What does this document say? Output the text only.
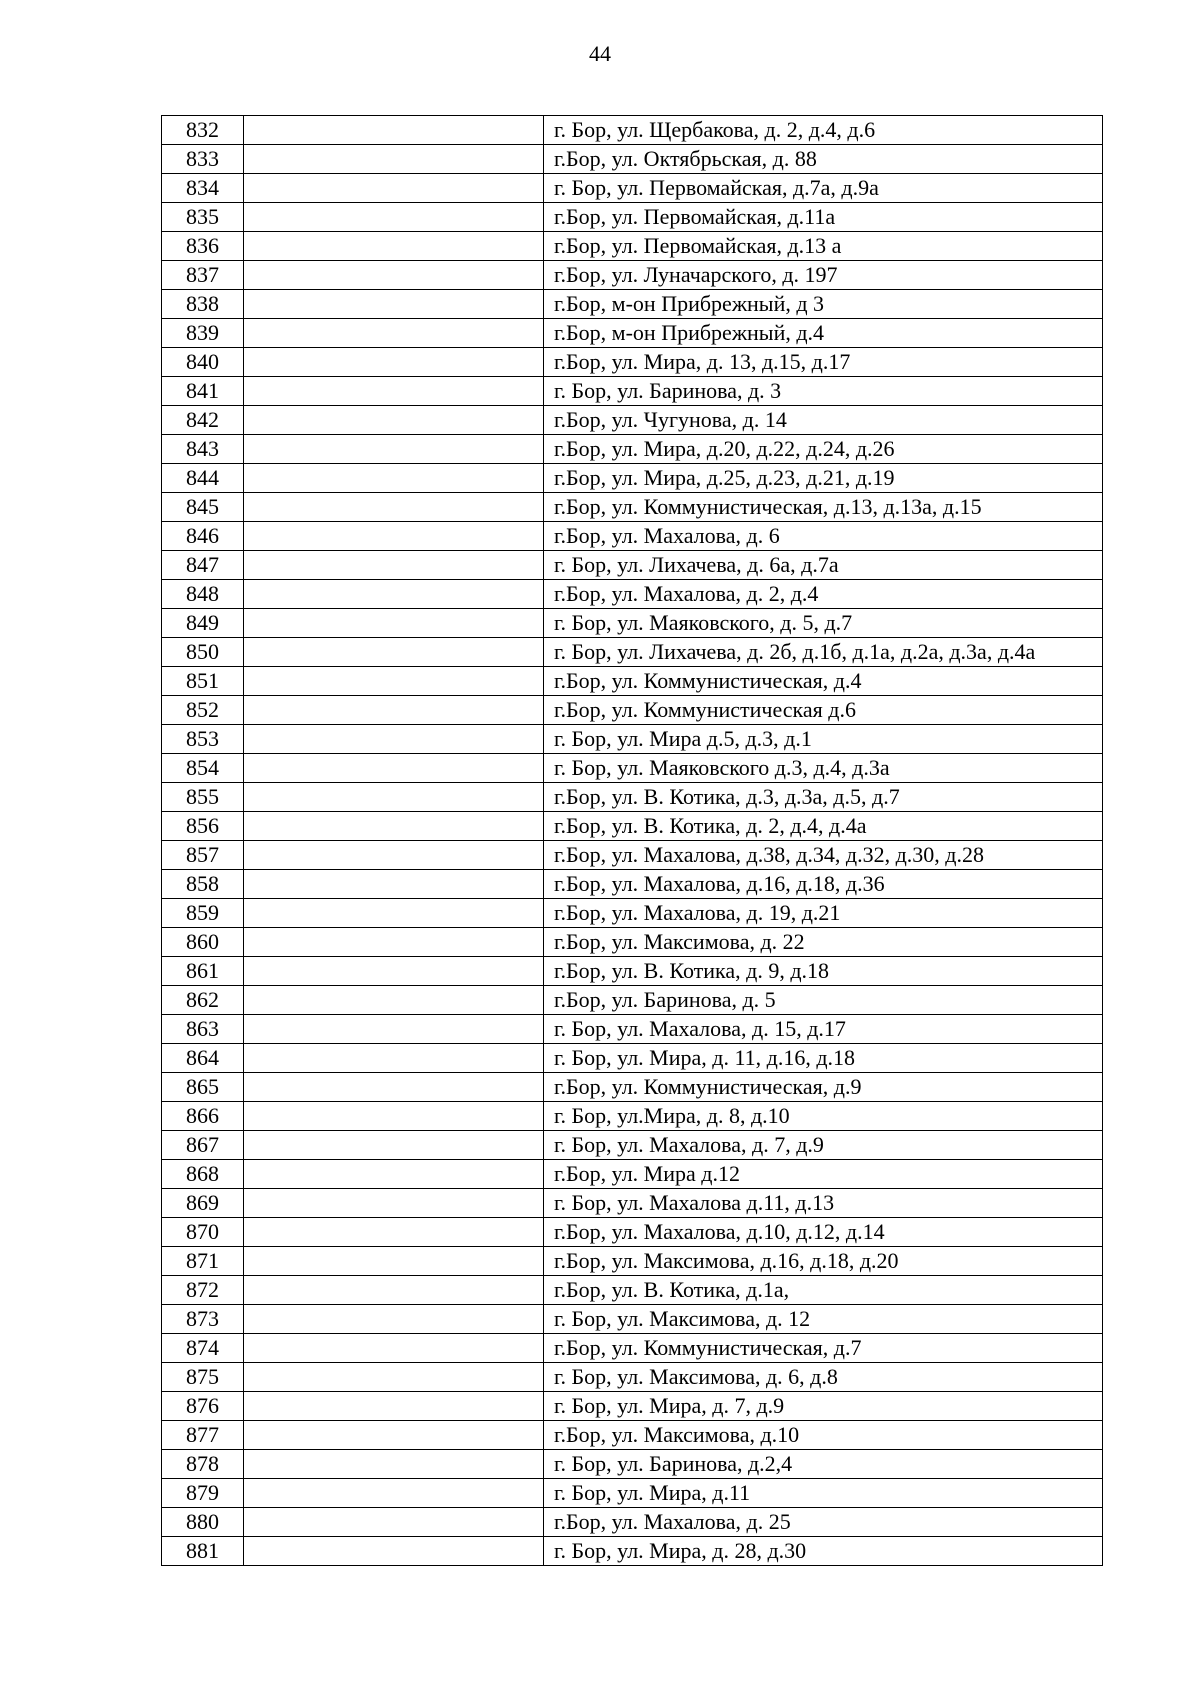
44
832		г. Бор, ул. Щербакова, д. 2, д.4, д.6
833		г.Бор, ул. Октябрьская, д. 88
834		г. Бор, ул. Первомайская, д.7а, д.9а
835		г.Бор, ул. Первомайская, д.11а
836		г.Бор, ул. Первомайская, д.13 а
837		г.Бор, ул. Луначарского, д. 197
838		г.Бор, м-он Прибрежный, д 3
839		г.Бор, м-он Прибрежный, д.4
840		г.Бор, ул. Мира, д. 13, д.15, д.17
841		г. Бор, ул. Баринова, д. 3
842		г.Бор, ул. Чугунова, д. 14
843		г.Бор, ул. Мира, д.20, д.22, д.24, д.26
844		г.Бор, ул. Мира, д.25, д.23, д.21, д.19
845		г.Бор, ул. Коммунистическая, д.13, д.13а, д.15
846		г.Бор, ул. Махалова, д. 6
847		г. Бор, ул. Лихачева, д. 6а, д.7а
848		г.Бор, ул. Махалова, д. 2, д.4
849		г. Бор, ул. Маяковского, д. 5, д.7
850		г. Бор, ул. Лихачева, д. 2б, д.1б, д.1а, д.2а, д.3а, д.4а
851		г.Бор, ул. Коммунистическая, д.4
852		г.Бор, ул. Коммунистическая д.6
853		г. Бор, ул. Мира д.5, д.3, д.1
854		г. Бор, ул. Маяковского д.3, д.4, д.3а
855		г.Бор, ул. В. Котика, д.3, д.3а, д.5, д.7
856		г.Бор, ул. В. Котика, д. 2, д.4, д.4а
857		г.Бор, ул. Махалова, д.38, д.34, д.32, д.30, д.28
858		г.Бор, ул. Махалова, д.16, д.18, д.36
859		г.Бор, ул. Махалова, д. 19, д.21
860		г.Бор, ул. Максимова, д. 22
861		г.Бор, ул. В. Котика, д. 9, д.18
862		г.Бор, ул. Баринова, д. 5
863		г. Бор, ул. Махалова, д. 15, д.17
864		г. Бор, ул. Мира, д. 11, д.16, д.18
865		г.Бор, ул. Коммунистическая, д.9
866		г. Бор, ул.Мира, д. 8, д.10
867		г. Бор, ул. Махалова, д. 7, д.9
868		г.Бор, ул. Мира д.12
869		г. Бор, ул. Махалова д.11, д.13
870		г.Бор, ул. Махалова, д.10, д.12, д.14
871		г.Бор, ул. Максимова, д.16, д.18, д.20
872		г.Бор, ул. В. Котика, д.1а,
873		г. Бор, ул. Максимова, д. 12
874		г.Бор, ул. Коммунистическая, д.7
875		г. Бор, ул. Максимова, д. 6, д.8
876		г. Бор, ул. Мира, д. 7, д.9
877		г.Бор, ул. Максимова, д.10
878		г. Бор, ул. Баринова, д.2,4
879		г. Бор, ул. Мира, д.11
880		г.Бор, ул. Махалова, д. 25
881		г. Бор, ул. Мира, д. 28, д.30
